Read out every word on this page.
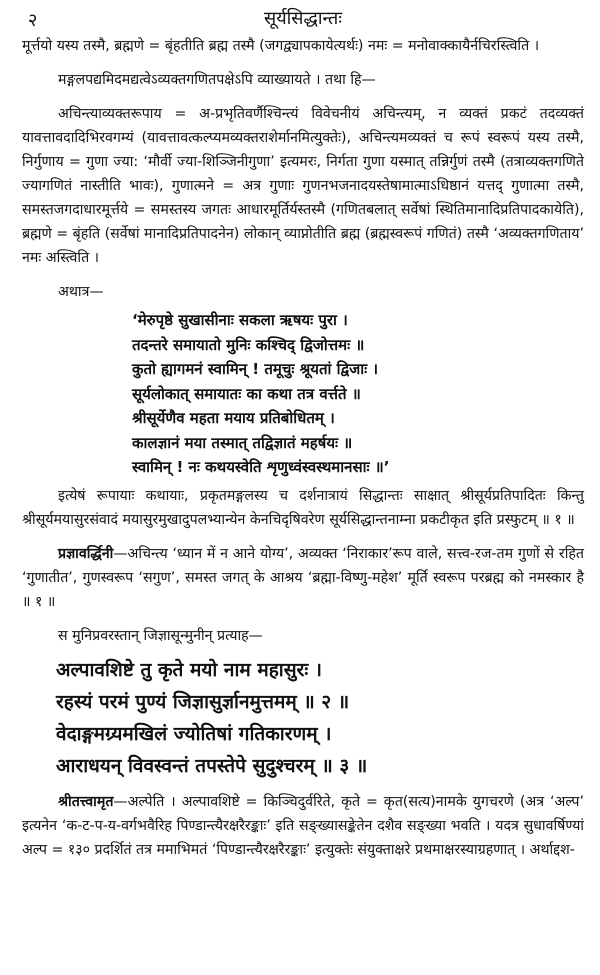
२	सूर्यसिद्धान्तः

मूर्त्तयो यस्य तस्मै, ब्रह्मणे = बृंहतीति ब्रह्म तस्मै (जगद्व्यापकायेत्यर्थः) नमः = मनोवाक्कायैर्नचिरस्त्विति ।

मङ्गलपद्यमिदमद्यत्वेऽव्यक्तगणितपक्षेऽपि व्याख्यायते । तथा हि—

अचिन्त्याव्यक्तरूपाय = अ-प्रभृतिवर्णैश्चिन्त्यं विवेचनीयं अचिन्त्यम्, न व्यक्तं प्रकटं तदव्यक्तं यावत्तावदादिभिरवगम्यं (यावत्तावत्कल्प्यमव्यक्तराशेर्मानमित्युक्तेः), अचिन्त्यमव्यक्तं च रूपं स्वरूपं यस्य तस्मै, निर्गुणाय = गुणा ज्या: ‘मौर्वी ज्या-शिञ्जिनीगुणा’ इत्यमरः, निर्गता गुणा यस्मात् तन्निर्गुणं तस्मै (तत्राव्यक्तगणिते ज्यागणितं नास्तीति भावः), गुणात्मने = अत्र गुणाः गुणनभजनादयस्तेषामात्माऽधिष्ठानं यत्तद् गुणात्मा तस्मै, समस्तजगदाधारमूर्त्तये = समस्तस्य जगतः आधारमूर्तिर्यस्तस्मै (गणितबलात् सर्वेषां स्थितिमानादिप्रतिपादकायेति), ब्रह्मणे = बृंहति (सर्वेषां मानादिप्रतिपादनेन) लोकान् व्याप्नोतीति ब्रह्म (ब्रह्मस्वरूपं गणितं) तस्मै ‘अव्यक्तगणिताय’ नमः अस्त्विति ।

अथात्र—

‘मेरुपृष्ठे सुखासीनाः सकला ऋषयः पुरा ।
तदन्तरे समायातो मुनिः कश्चिद् द्विजोत्तमः ॥
कुतो ह्यागमनं स्वामिन् ! तमूचुः श्रूयतां द्विजाः ।
सूर्यलोकात् समायातः का कथा तत्र वर्त्तते ॥
श्रीसूर्येणैव महता मयाय प्रतिबोधितम् ।
कालज्ञानं मया तस्मात् तद्विज्ञातं महर्षयः ॥
स्वामिन् ! नः कथयस्वेति शृणुध्वंस्वस्थमानसाः ॥’

इत्येषं रूपायाः कथायाः, प्रकृतमङ्गलस्य च दर्शनात्रायं सिद्धान्तः साक्षात् श्रीसूर्यप्रतिपादितः किन्तु श्रीसूर्यमयासुरसंवादं मयासुरमुखादुपलभ्यान्येन केनचिदृषिवरेण सूर्यसिद्धान्तनाम्ना प्रकटीकृत इति प्रस्फुटम् ॥ १ ॥

प्रज्ञावर्द्धिनी—अचिन्त्य ‘ध्यान में न आने योग्य’, अव्यक्त ‘निराकार’रूप वाले, सत्त्व-रज-तम गुणों से रहित ‘गुणातीत’, गुणस्वरूप ‘सगुण’, समस्त जगत् के आश्रय ‘ब्रह्मा-विष्णु-महेश’ मूर्ति स्वरूप परब्रह्म को नमस्कार है ॥ १ ॥

स मुनिप्रवरस्तान् जिज्ञासून्मुनीन् प्रत्याह—

अल्पावशिष्टे तु कृते मयो नाम महासुरः ।
रहस्यं परमं पुण्यं जिज्ञासुर्ज्ञानमुत्तमम् ॥ २ ॥
वेदाङ्गमग्र्यमखिलं ज्योतिषां गतिकारणम् ।
आराधयन् विवस्वन्तं तपस्तेपे सुदुश्चरम् ॥ ३ ॥

श्रीतत्त्वामृत—अल्पेति । अल्पावशिष्टे = किञ्चिदुर्वरिते, कृते = कृत(सत्य)नामके युगचरणे (अत्र ‘अल्प’ इत्यनेन ‘क-ट-प-य-वर्गभवैरिह पिण्डान्त्यैरक्षरैरङ्काः’ इति सङ्ख्यासङ्केतेन दशैव सङ्ख्या भवति । यदत्र सुधावर्षिण्यां अल्प = १३० प्रदर्शितं तत्र ममाभिमतं ‘पिण्डान्त्यैरक्षरैरङ्काः’ इत्युक्तेः संयुक्ताक्षरे प्रथमाक्षरस्याग्रहणात् । अर्थाद्दश-
